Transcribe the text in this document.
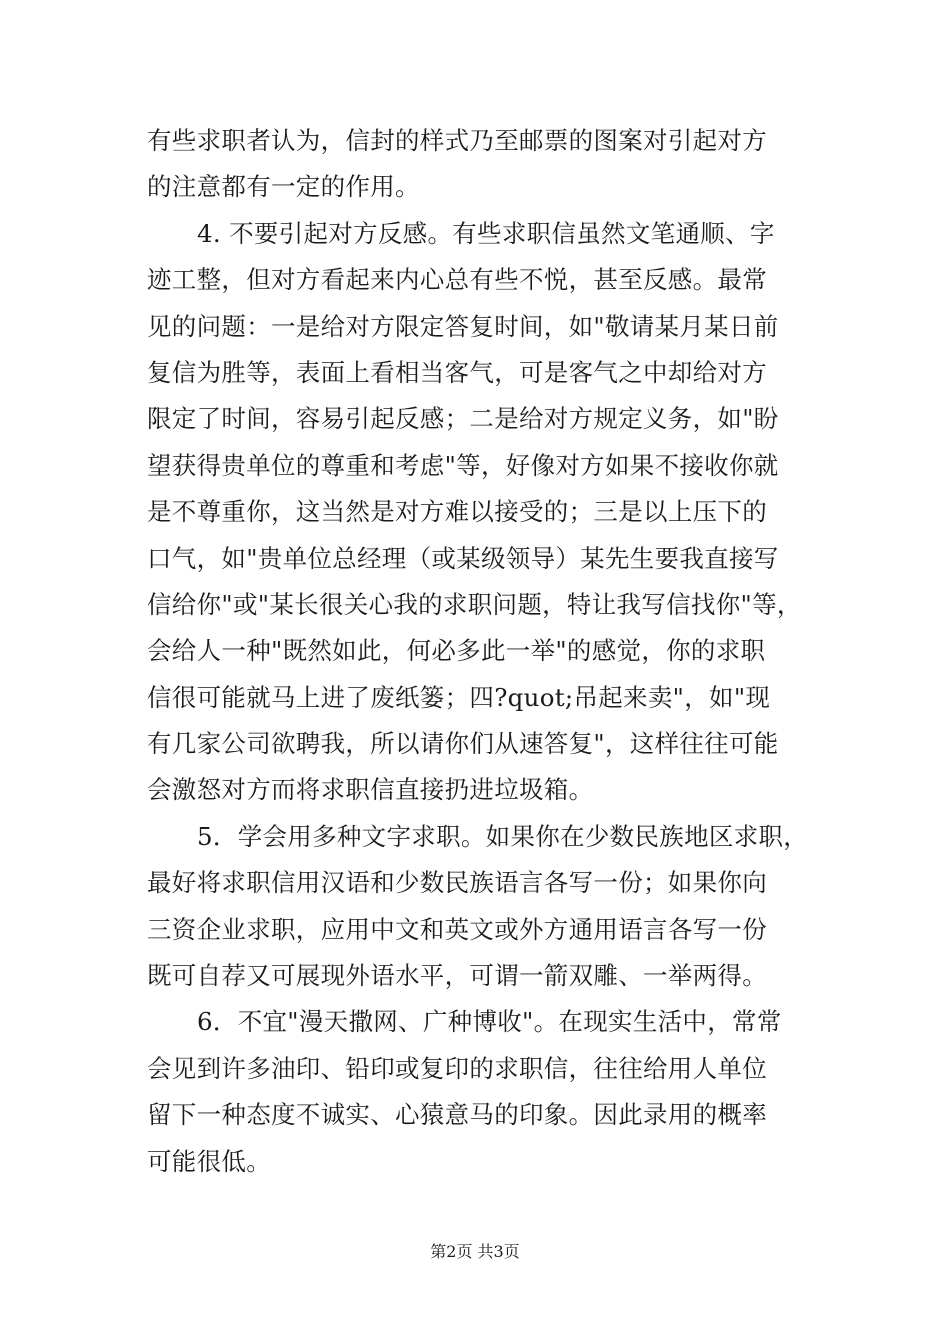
有些求职者认为，信封的样式乃至邮票的图案对引起对方
的注意都有一定的作用。
4. 不要引起对方反感。有些求职信虽然文笔通顺、字
迹工整，但对方看起来内心总有些不悦，甚至反感。最常
见的问题：一是给对方限定答复时间，如"敬请某月某日前
复信为胜等，表面上看相当客气，可是客气之中却给对方
限定了时间，容易引起反感；二是给对方规定义务，如"盼
望获得贵单位的尊重和考虑"等，好像对方如果不接收你就
是不尊重你，这当然是对方难以接受的；三是以上压下的
口气，如"贵单位总经理（或某级领导）某先生要我直接写
信给你"或"某长很关心我的求职问题，特让我写信找你"等，
会给人一种"既然如此，何必多此一举"的感觉，你的求职
信很可能就马上进了废纸篓；四?quot;吊起来卖"，如"现
有几家公司欲聘我，所以请你们从速答复"，这样往往可能
会激怒对方而将求职信直接扔进垃圾箱。
5．学会用多种文字求职。如果你在少数民族地区求职，
最好将求职信用汉语和少数民族语言各写一份；如果你向
三资企业求职，应用中文和英文或外方通用语言各写一份
既可自荐又可展现外语水平，可谓一箭双雕、一举两得。
6．不宜"漫天撒网、广种博收"。在现实生活中，常常
会见到许多油印、铅印或复印的求职信，往往给用人单位
留下一种态度不诚实、心猿意马的印象。因此录用的概率
可能很低。
第2页 共3页
